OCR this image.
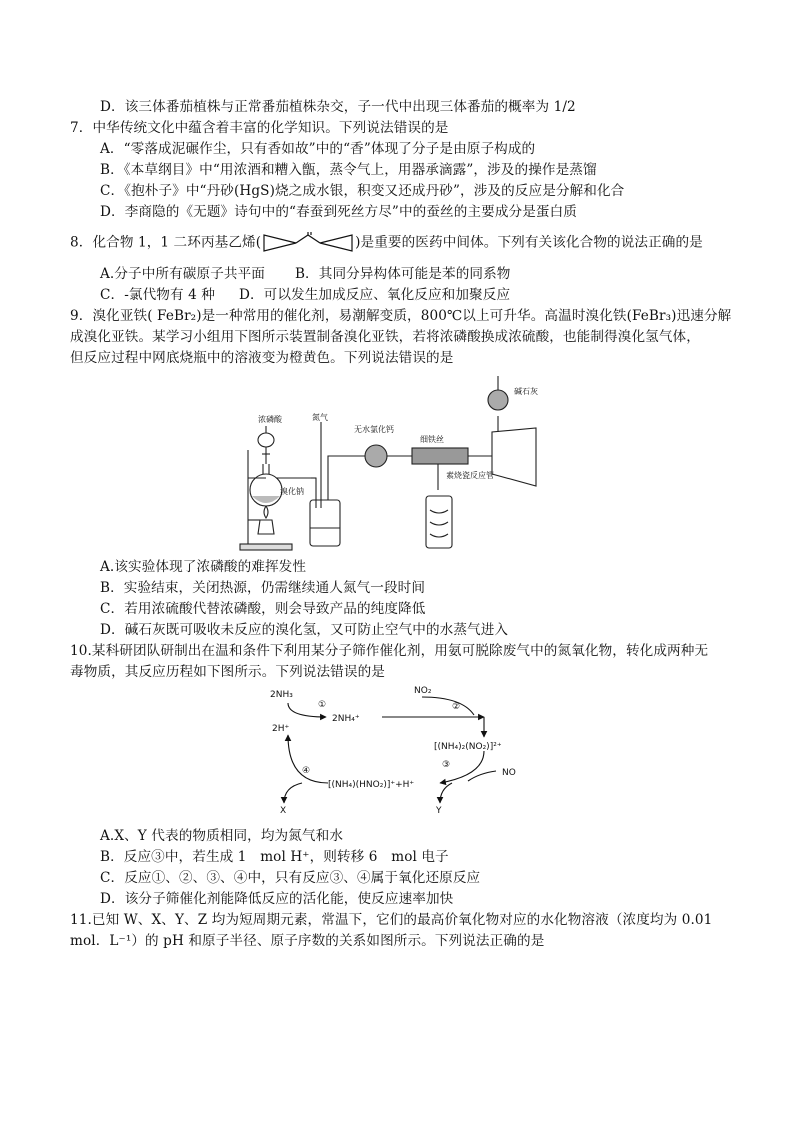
D．该三体番茄植株与正常番茄植株杂交，子一代中出现三体番茄的概率为 1/2
7．中华传统文化中蕴含着丰富的化学知识。下列说法错误的是
A．“零落成泥碾作尘，只有香如故”中的“香”体现了分子是由原子构成的
B．《本草纲目》中“用浓酒和糟入甑，蒸令气上，用器承滴露”，涉及的操作是蒸馏
C．《抱朴子》中“丹砂(HgS)烧之成水银，积变又还成丹砂”，涉及的反应是分解和化合
D．李商隐的《无题》诗句中的“春蚕到死丝方尽”中的蚕丝的主要成分是蛋白质
8．化合物 1，1 二环丙基乙烯(	)是重要的医药中间体。下列有关该化合物的说法正确的是
A.分子中所有碳原子共平面 B．其同分异构体可能是苯的同系物
C．-氯代物有 4 种 D．可以发生加成反应、氧化反应和加聚反应
9．溴化亚铁( FeBr₂)是一种常用的催化剂，易潮解变质，800℃以上可升华。高温时溴化铁(FeBr₃)迅速分解
成溴化亚铁。某学习小组用下图所示装置制备溴化亚铁，若将浓磷酸换成浓硫酸，也能制得溴化氢气体，
但反应过程中网底烧瓶中的溶液变为橙黄色。下列说法错误的是
浓磷酸	氮气
无水氯化钙
细铁丝
素烧瓷反应管
碱石灰
溴化钠
A.该实验体现了浓磷酸的难挥发性
B．实验结束，关闭热源，仍需继续通人氮气一段时间
C．若用浓硫酸代替浓磷酸，则会导致产品的纯度降低
D．碱石灰既可吸收未反应的溴化氢，又可防止空气中的水蒸气进入
10.某科研团队研制出在温和条件下利用某分子筛作催化剂，用氨可脱除废气中的氮氧化物，转化成两种无
毒物质，其反应历程如下图所示。下列说法错误的是
2NH₃
①
2NH₄⁺
NO₂
②
[(NH₄)₂(NO₂)]²⁺
NO
③
[(NH₄)(HNO₂)]⁺+H⁺
2H⁺
④
X	Y
A.X、Y 代表的物质相同，均为氮气和水
B．反应③中，若生成 1　mol H⁺，则转移 6　mol 电子
C．反应①、②、③、④中，只有反应③、④属于氧化还原反应
D．该分子筛催化剂能降低反应的活化能，使反应速率加快
11.已知 W、X、Y、Z 均为短周期元素，常温下，它们的最高价氧化物对应的水化物溶液（浓度均为 0.01
mol．L⁻¹）的 pH 和原子半径、原子序数的关系如图所示。下列说法正确的是
